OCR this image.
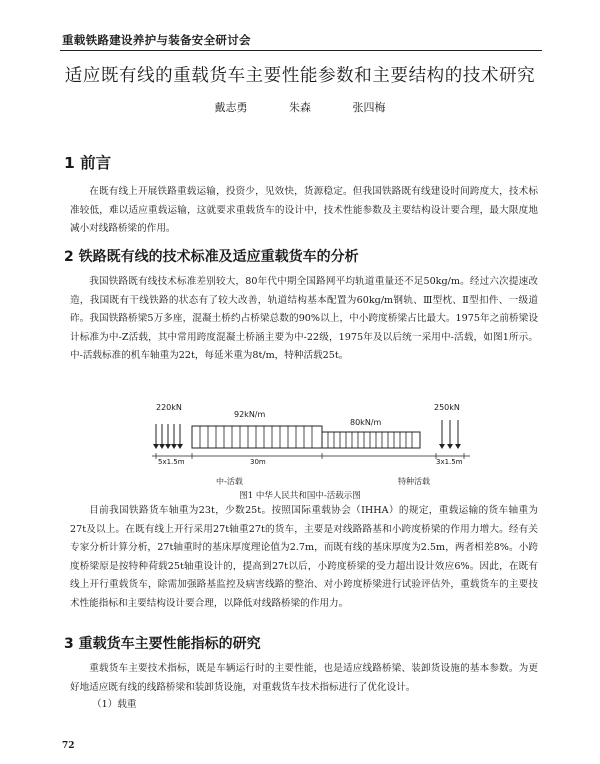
重载铁路建设养护与装备安全研讨会
适应既有线的重载货车主要性能参数和主要结构的技术研究
戴志勇	朱森	张四梅
1 前言

在既有线上开展铁路重载运输，投资少，见效快，货源稳定。但我国铁路既有线建设时间跨度大，技术标准较低，难以适应重载运输，这就要求重载货车的设计中，技术性能参数及主要结构设计要合理，最大限度地减小对线路桥梁的作用。

2 铁路既有线的技术标准及适应重载货车的分析

我国铁路既有线技术标准差别较大，80年代中期全国路网平均轨道重量还不足50kg/m。经过六次提速改造，我国既有干线铁路的状态有了较大改善，轨道结构基本配置为60kg/m钢轨、Ⅲ型枕、Ⅱ型扣件、一级道砟。我国铁路桥梁5万多座，混凝土桥约占桥梁总数的90%以上，中小跨度桥梁占比最大。1975年之前桥梁设计标准为中-Z活载，其中常用跨度混凝土桥涵主要为中-22级，1975年及以后统一采用中-活载，如图1所示。中-活载标准的机车轴重为22t，每延米重为8t/m，特种活载25t。

220kN
92kN/m
80kN/m
250kN
5x1.5m	30m	3x1.5m
中-活载	特种活载
图1 中华人民共和国中-活载示图

目前我国铁路货车轴重为23t，少数25t。按照国际重载协会（IHHA）的规定，重载运输的货车轴重为27t及以上。在既有线上开行采用27t轴重27t的货车，主要是对线路路基和小跨度桥梁的作用力增大。经有关专家分析计算分析，27t轴重时的基床厚度理论值为2.7m，而既有线的基床厚度为2.5m，两者相差8%。小跨度桥梁原是按特种荷载25t轴重设计的，提高到27t以后，小跨度桥梁的受力超出设计效应6%。因此，在既有线上开行重载货车，除需加强路基监控及病害线路的整治、对小跨度桥梁进行试验评估外，重载货车的主要技术性能指标和主要结构设计要合理，以降低对线路桥梁的作用力。

3 重载货车主要性能指标的研究

重载货车主要技术指标，既是车辆运行时的主要性能，也是适应线路桥梁、装卸货设施的基本参数。为更好地适应既有线的线路桥梁和装卸货设施，对重载货车技术指标进行了优化设计。

（1）载重
72
